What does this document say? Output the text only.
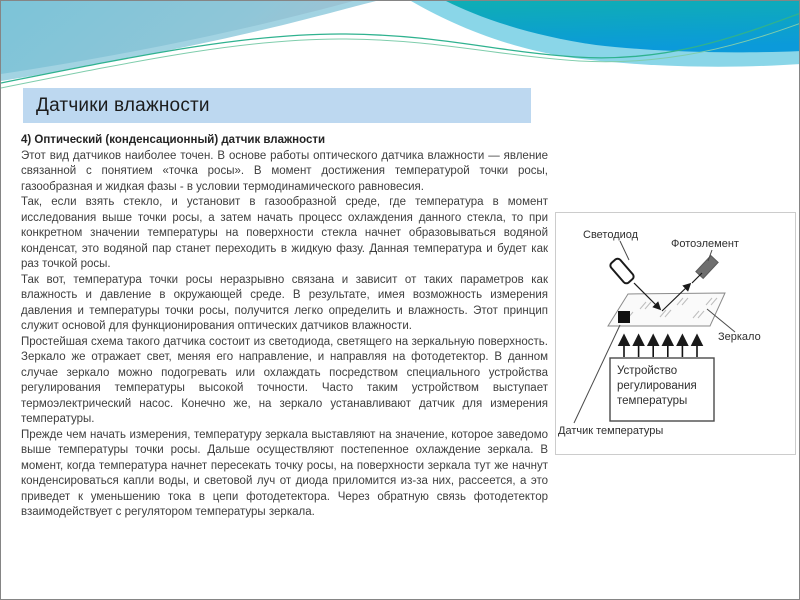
Датчики влажности

4) Оптический (конденсационный) датчик влажности

Этот вид датчиков наиболее точен. В основе работы оптического датчика влажности — явление связанной с понятием «точка росы». В момент достижения температурой точки росы, газообразная и жидкая фазы - в условии термодинамического равновесия.

Так, если взять стекло, и установит в газообразной среде, где температура в момент исследования выше точки росы, а затем начать процесс охлаждения данного стекла, то при конкретном значении температуры на поверхности стекла начнет образовываться водяной конденсат, это водяной пар станет переходить в жидкую фазу. Данная температура и будет как раз точкой росы.

Так вот, температура точки росы неразрывно связана и зависит от таких параметров как влажность и давление в окружающей среде. В результате, имея возможность измерения давления и температуры точки росы, получится легко определить и влажность. Этот принцип служит основой для функционирования оптических датчиков влажности.

Простейшая схема такого датчика состоит из светодиода, светящего на зеркальную поверхность. Зеркало же отражает свет, меняя его направление, и направляя на фотодетектор. В данном случае зеркало можно подогревать или охлаждать посредством специального устройства регулирования температуры высокой точности. Часто таким устройством выступает термоэлектрический насос. Конечно же, на зеркало устанавливают датчик для измерения температуры.

Прежде чем начать измерения, температуру зеркала выставляют на значение, которое заведомо выше температуры точки росы. Дальше осуществляют постепенное охлаждение зеркала. В момент, когда температура начнет пересекать точку росы, на поверхности зеркала тут же начнут конденсироваться капли воды, и световой луч от диода приломится из-за них, рассеется, а это приведет к уменьшению тока в цепи фотодетектора. Через обратную связь фотодетектор взаимодействует с регулятором температуры зеркала.

Светодиод
Фотоэлемент
Зеркало
Устройство регулирования температуры
Датчик температуры
